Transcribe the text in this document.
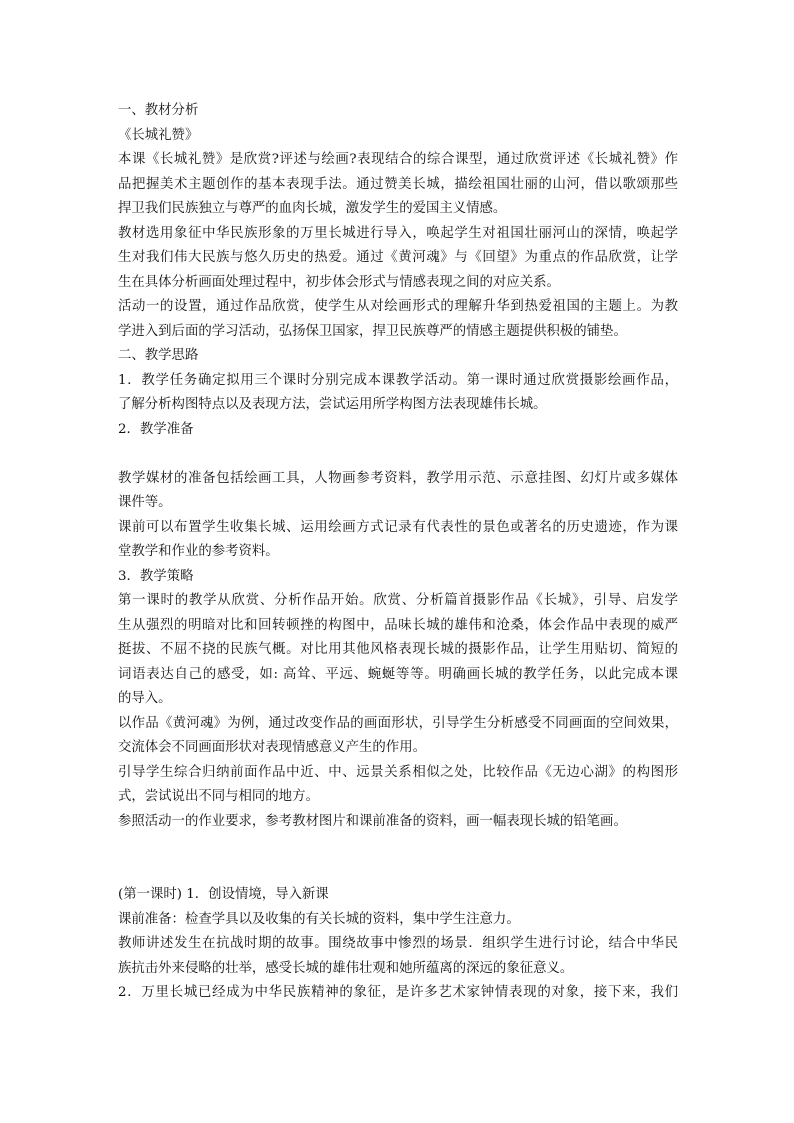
一、教材分析
《长城礼赞》
本课《长城礼赞》是欣赏?评述与绘画?表现结合的综合课型，通过欣赏评述《长城礼赞》作
品把握美术主题创作的基本表现手法。通过赞美长城，描绘祖国壮丽的山河，借以歌颂那些
捍卫我们民族独立与尊严的血肉长城，激发学生的爱国主义情感。
教材选用象征中华民族形象的万里长城进行导入，唤起学生对祖国壮丽河山的深情，唤起学
生对我们伟大民族与悠久历史的热爱。通过《黄河魂》与《回望》为重点的作品欣赏，让学
生在具体分析画面处理过程中，初步体会形式与情感表现之间的对应关系。
活动一的设置，通过作品欣赏，使学生从对绘画形式的理解升华到热爱祖国的主题上。为教
学进入到后面的学习活动，弘扬保卫国家，捍卫民族尊严的情感主题提供积极的铺垫。
二、教学思路
1．教学任务确定拟用三个课时分别完成本课教学活动。第一课时通过欣赏摄影绘画作品，
了解分析构图特点以及表现方法，尝试运用所学构图方法表现雄伟长城。
2．教学准备
教学媒材的准备包括绘画工具，人物画参考资料，教学用示范、示意挂图、幻灯片或多媒体
课件等。
课前可以布置学生收集长城、运用绘画方式记录有代表性的景色或著名的历史遗迹，作为课
堂教学和作业的参考资料。
3．教学策略
第一课时的教学从欣赏、分析作品开始。欣赏、分析篇首摄影作品《长城》，引导、启发学
生从强烈的明暗对比和回转顿挫的构图中，品味长城的雄伟和沧桑，体会作品中表现的威严
挺拔、不屈不挠的民族气概。对比用其他风格表现长城的摄影作品，让学生用贴切、简短的
词语表达自己的感受，如: 高耸、平远、蜿蜒等等。明确画长城的教学任务，以此完成本课
的导入。
以作品《黄河魂》为例，通过改变作品的画面形状，引导学生分析感受不同画面的空间效果，
交流体会不同画面形状对表现情感意义产生的作用。
引导学生综合归纳前面作品中近、中、远景关系相似之处，比较作品《无边心湖》的构图形
式，尝试说出不同与相同的地方。
参照活动一的作业要求，参考教材图片和课前准备的资料，画一幅表现长城的铅笔画。
(第一课时) 1．创设情境，导入新课
课前准备：检查学具以及收集的有关长城的资料，集中学生注意力。
教师讲述发生在抗战时期的故事。围绕故事中惨烈的场景．组织学生进行讨论，结合中华民
族抗击外来侵略的壮举，感受长城的雄伟壮观和她所蕴离的深远的象征意义。
2．万里长城已经成为中华民族精神的象征，是许多艺术家钟情表现的对象，接下来，我们
